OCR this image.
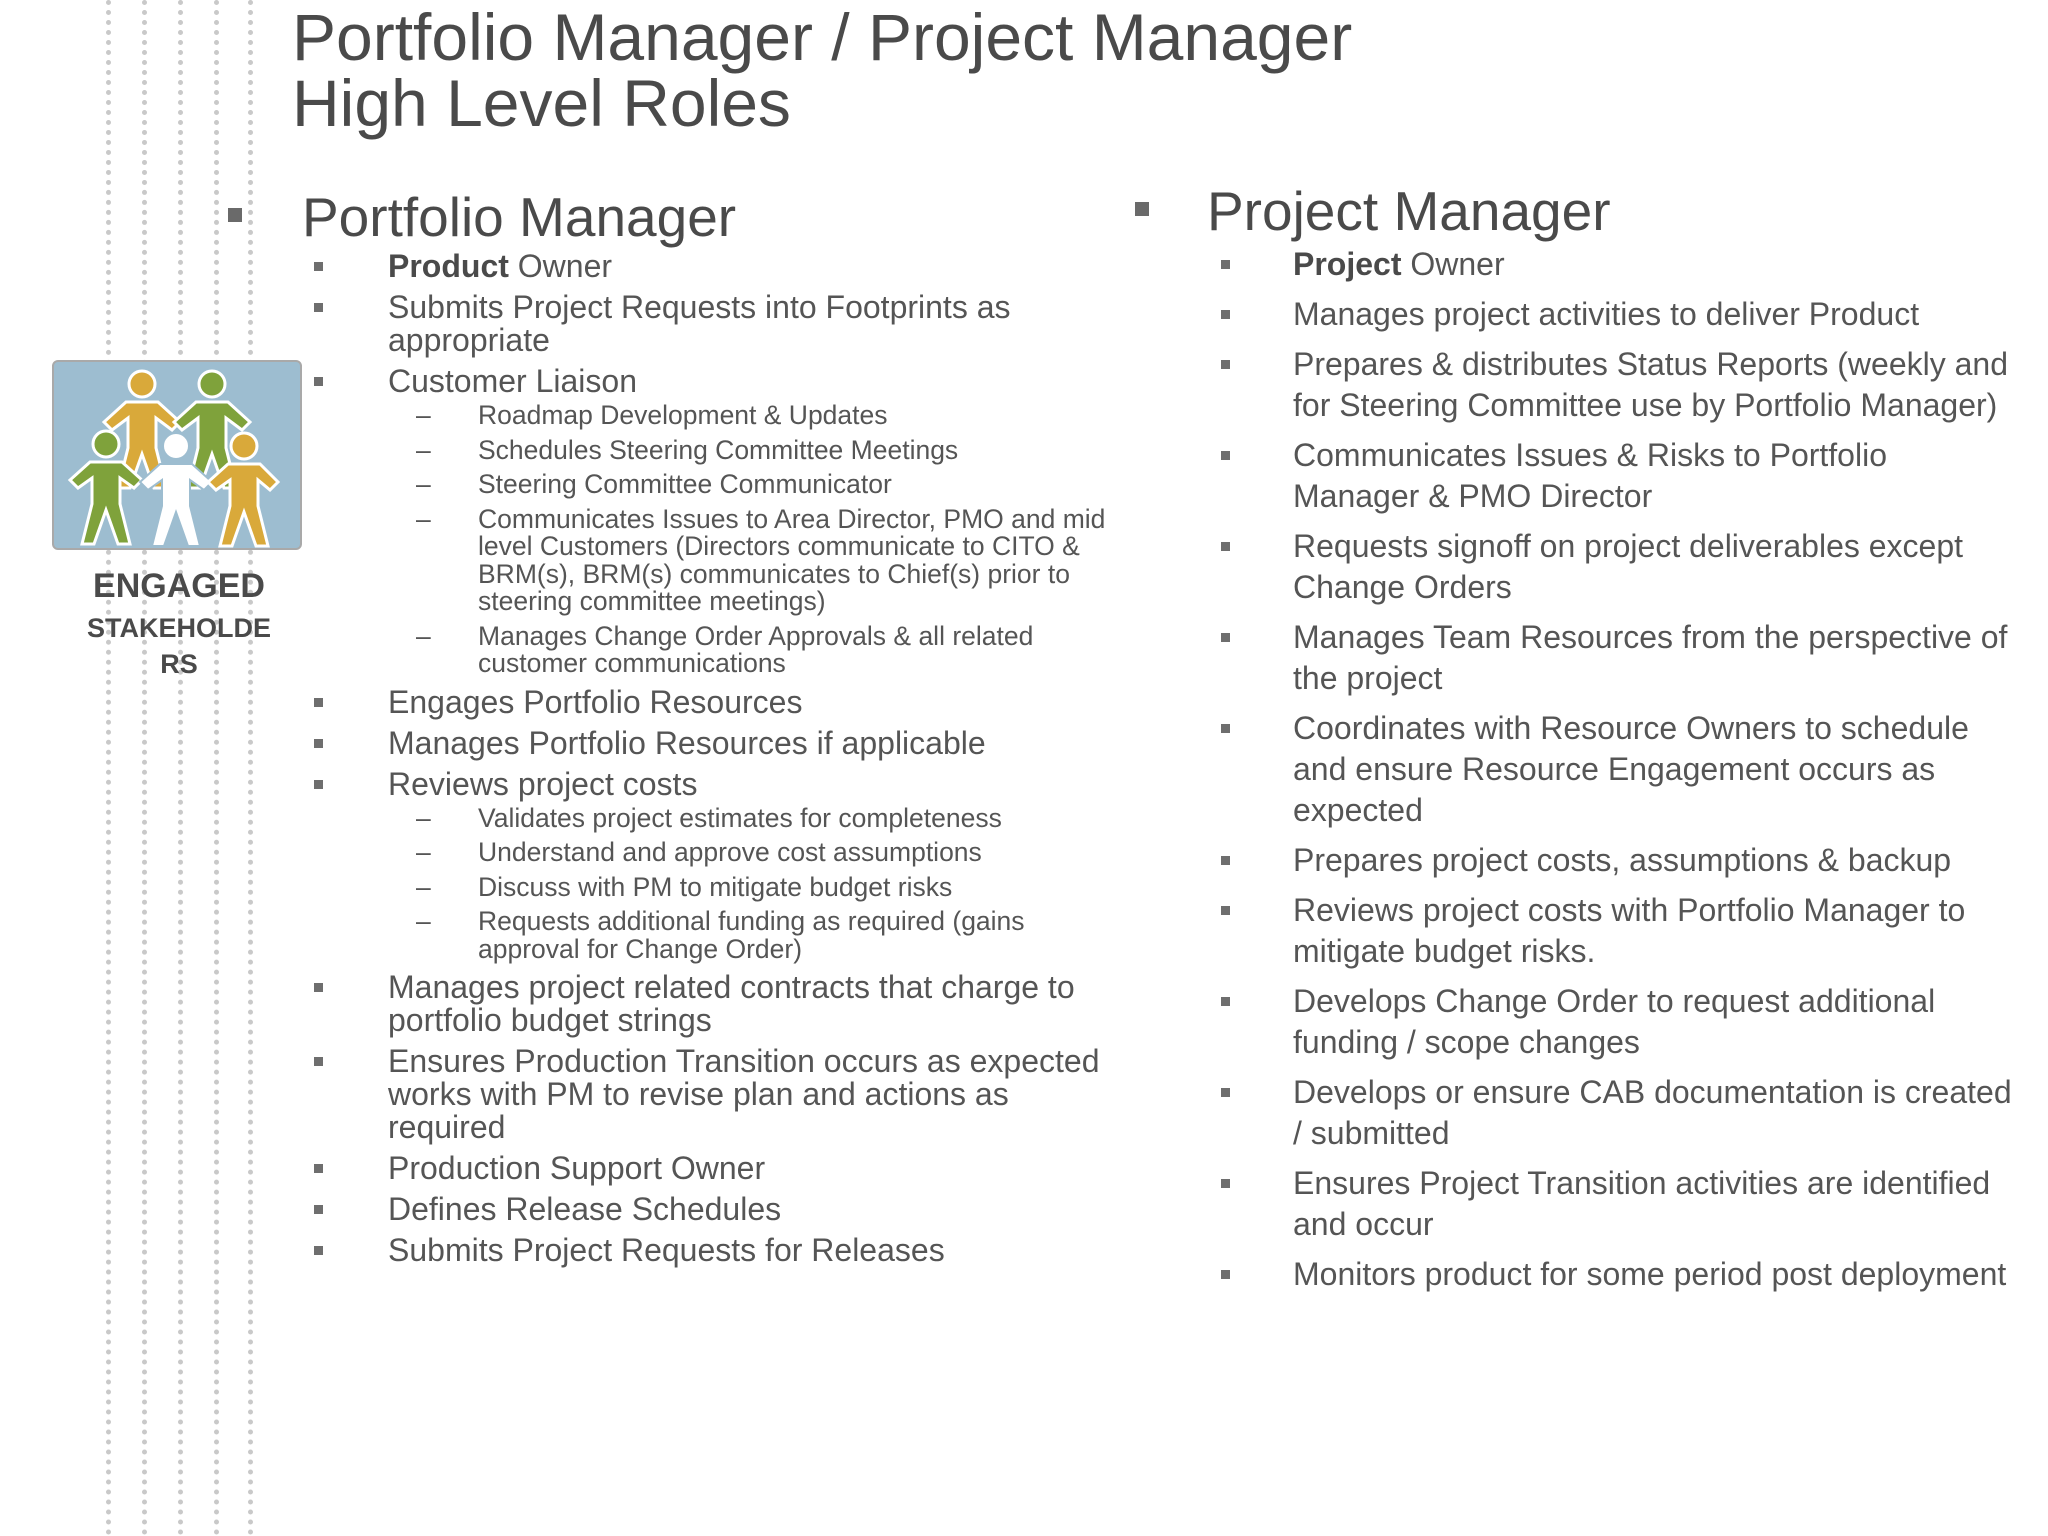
Portfolio Manager / Project Manager
High Level Roles

ENGAGED

STAKEHOLDE

RS

Portfolio Manager
Product Owner
Submits Project Requests into Footprints as appropriate
Customer Liaison
– Roadmap Development & Updates
– Schedules Steering Committee Meetings
– Steering Committee Communicator
– Communicates Issues to Area Director, PMO and mid level Customers (Directors communicate to CITO & BRM(s), BRM(s) communicates to Chief(s) prior to steering committee meetings)
– Manages Change Order Approvals & all related customer communications
Engages Portfolio Resources
Manages Portfolio Resources if applicable
Reviews project costs
– Validates project estimates for completeness
– Understand and approve cost assumptions
– Discuss with PM to mitigate budget risks
– Requests additional funding as required (gains approval for Change Order)
Manages project related contracts that charge to portfolio budget strings
Ensures Production Transition occurs as expected works with PM to revise plan and actions as required
Production Support Owner
Defines Release Schedules
Submits Project Requests for Releases
Project Manager
Project Owner
Manages project activities to deliver Product
Prepares & distributes Status Reports (weekly and for Steering Committee use by Portfolio Manager)
Communicates Issues & Risks to Portfolio Manager & PMO Director
Requests signoff on project deliverables except Change Orders
Manages Team Resources from the perspective of the project
Coordinates with Resource Owners to schedule and ensure Resource Engagement occurs as expected
Prepares project costs, assumptions & backup
Reviews project costs with Portfolio Manager to mitigate budget risks.
Develops Change Order to request additional funding / scope changes
Develops or ensure CAB documentation is created / submitted
Ensures Project Transition activities are identified and occur
Monitors product for some period post deployment
